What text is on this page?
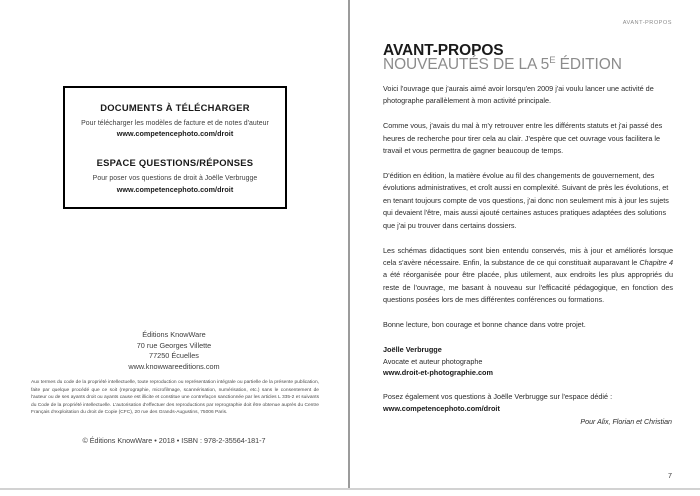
DOCUMENTS À TÉLÉCHARGER
Pour télécharger les modèles de facture et de notes d'auteur
www.competencephoto.com/droit
ESPACE QUESTIONS/RÉPONSES
Pour poser vos questions de droit à Joëlle Verbrugge
www.competencephoto.com/droit
Éditions KnowWare
70 rue Georges Villette
77250 Écuelles
www.knowwareeditions.com
Aux termes du code de la propriété intellectuelle, toute reproduction ou représentation intégrale ou partielle de la présente publication, faite par quelque procédé que ce soit (reprographie, microfilmage, scannérisation, numérisation, etc.) sans le consentement de l'auteur ou de ses ayants droit ou ayants cause est illicite et constitue une contrefaçon sanctionnée par les articles L 335-2 et suivants du Code de la propriété intellectuelle. L'autorisation d'effectuer des reproductions par reprographie doit être obtenue auprès du Centre Français d'exploitation du droit de Copie (CFC), 20 rue des Grands-Augustins, 75006 Paris.
© Éditions KnowWare • 2018 • ISBN : 978-2-35564-181-7
AVANT-PROPOS
AVANT-PROPOS
NOUVEAUTÉS DE LA $5^E$ ÉDITION

Voici l'ouvrage que j'aurais aimé avoir lorsqu'en 2009 j'ai voulu lancer une activité de photographe parallèlement à mon activité principale.

Comme vous, j'avais du mal à m'y retrouver entre les différents statuts et j'ai passé des heures de recherche pour tirer cela au clair. J'espère que cet ouvrage vous facilitera le travail et vous permettra de gagner beaucoup de temps.

D'édition en édition, la matière évolue au fil des changements de gouvernement, des évolutions administratives, et croît aussi en complexité. Suivant de près les évolutions, et en tenant toujours compte de vos questions, j'ai donc non seulement mis à jour les sujets qui devaient l'être, mais aussi ajouté certaines astuces pratiques adaptées des solutions que j'ai pu trouver dans certains dossiers.

Les schémas didactiques sont bien entendu conservés, mis à jour et améliorés lorsque cela s'avère nécessaire. Enfin, la substance de ce qui constituait auparavant le Chapitre 4 a été réorganisée pour être placée, plus utilement, aux endroits les plus appropriés du reste de l'ouvrage, me basant à nouveau sur l'efficacité pédagogique, en fonction des questions posées lors de mes différentes conférences ou formations.

Bonne lecture, bon courage et bonne chance dans votre projet.

Joëlle Verbrugge

Avocate et auteur photographe

www.droit-et-photographie.com

Posez également vos questions à Joëlle Verbrugge sur l'espace dédié :

www.competencephoto.com/droit

Pour Alix, Florian et Christian
7
